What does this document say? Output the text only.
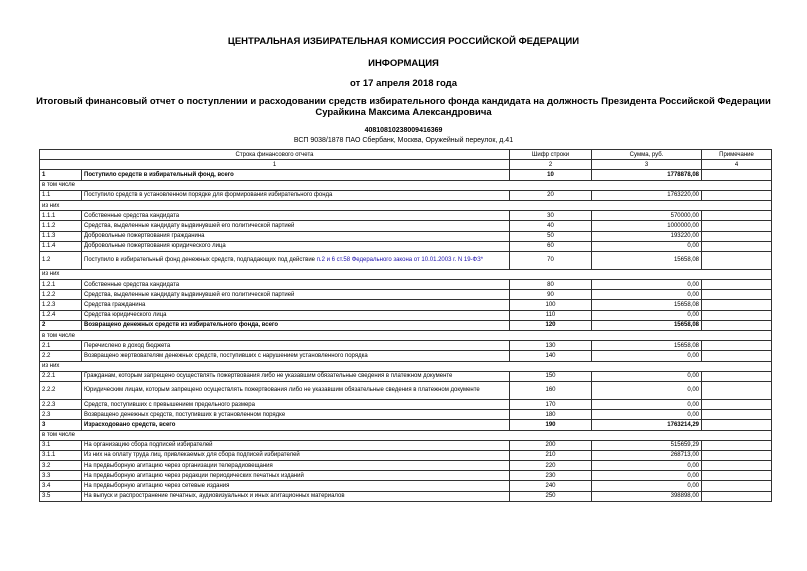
ЦЕНТРАЛЬНАЯ ИЗБИРАТЕЛЬНАЯ КОМИССИЯ РОССИЙСКОЙ ФЕДЕРАЦИИ
ИНФОРМАЦИЯ
от 17 апреля 2018 года
Итоговый финансовый отчет о поступлении и расходовании средств избирательного фонда кандидата на должность Президента Российской Федерации
Сурайкина Максима Александровича
40810810238009416369
ВСП 9038/1878 ПАО Сбербанк, Москва, Оружейный переулок, д.41
Строка финансового отчета		Шифр строки	Сумма, руб.	Примечание
1		2	3	4
1	Поступило средств в избирательный фонд, всего	10	1778878,08	
в том числе				
1.1	Поступило средств в установленном порядке для формирования избирательного фонда	20	1763220,00	
из них				
1.1.1	Собственные средства кандидата	30	570000,00	
1.1.2	Средства, выделенные кандидату выдвинувшей его политической партией	40	1000000,00	
1.1.3	Добровольные пожертвования гражданина	50	193220,00	
1.1.4	Добровольные пожертвования юридического лица	60	0,00	
1.2	Поступило в избирательный фонд денежных средств, подпадающих под действие п.2 и 6 ст.58 Федерального закона от 10.01.2003 г. N 19-ФЗ*	70	15658,08	
из них				
1.2.1	Собственные средства кандидата	80	0,00	
1.2.2	Средства, выделенные кандидату выдвинувшей его политической партией	90	0,00	
1.2.3	Средства гражданина	100	15658,08	
1.2.4	Средства юридического лица	110	0,00	
2	Возвращено денежных средств из избирательного фонда, всего	120	15658,08	
в том числе				
2.1	Перечислено в доход бюджета	130	15658,08	
2.2	Возвращено жертвователям денежных средств, поступивших с нарушением установленного порядка	140	0,00	
из них				
2.2.1	Гражданам, которым запрещено осуществлять пожертвования либо не указавшим обязательные сведения в платежном документе	150	0,00	
2.2.2	Юридическим лицам, которым запрещено осуществлять пожертвования либо не указавшим обязательные сведения в платежном документе	160	0,00	
2.2.3	Средств, поступивших с превышением предельного размера	170	0,00	
2.3	Возвращено денежных средств, поступивших в установленном порядке	180	0,00	
3	Израсходовано средств, всего	190	1763214,29	
в том числе				
3.1	На организацию сбора подписей избирателей	200	515659,29	
3.1.1	Из них на оплату труда лиц, привлекаемых для сбора подписей избирателей	210	268713,00	
3.2	На предвыборную агитацию через организации телерадиовещания	220	0,00	
3.3	На предвыборную агитацию через редакции периодических печатных изданий	230	0,00	
3.4	На предвыборную агитацию через сетевые издания	240	0,00	
3.5	На выпуск и распространение печатных, аудиовизуальных и иных агитационных материалов	250	398898,00	
